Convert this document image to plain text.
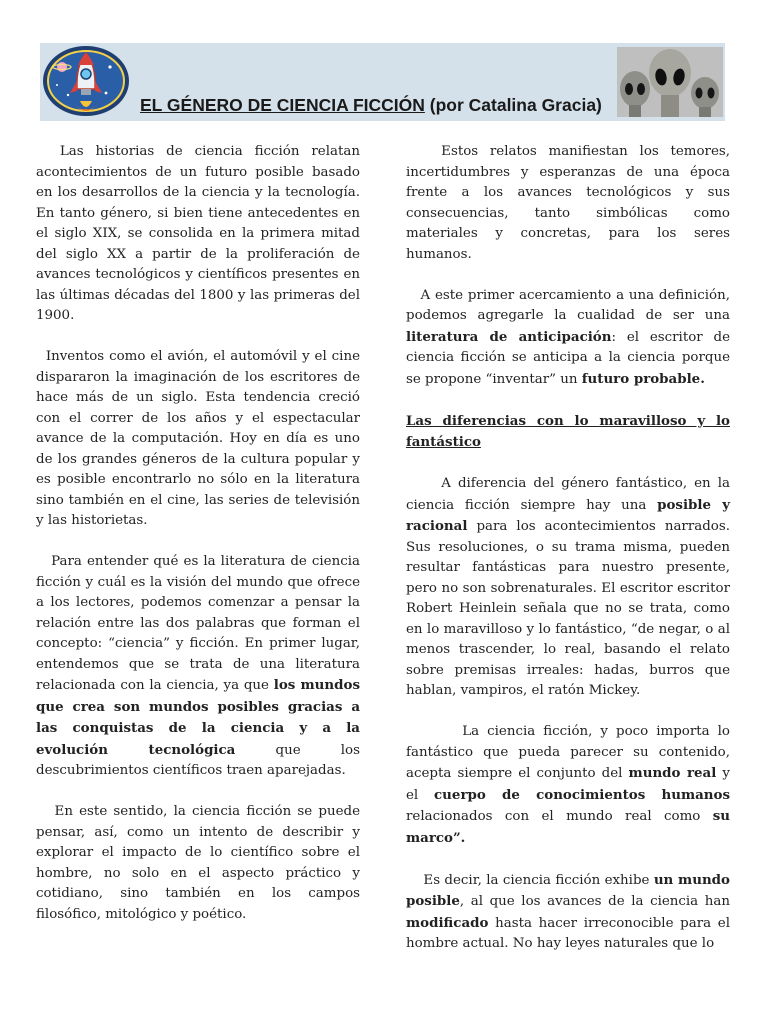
EL GÉNERO DE CIENCIA FICCIÓN (por Catalina Gracia)

Las historias de ciencia ficción relatan acontecimientos de un futuro posible basado en los desarrollos de la ciencia y la tecnología. En tanto género, si bien tiene antecedentes en el siglo XIX, se consolida en la primera mitad del siglo XX a partir de la proliferación de avances tecnológicos y científicos presentes en las últimas décadas del 1800 y las primeras del 1900.

Inventos como el avión, el automóvil y el cine dispararon la imaginación de los escritores de hace más de un siglo. Esta tendencia creció con el correr de los años y el espectacular avance de la computación. Hoy en día es uno de los grandes géneros de la cultura popular y es posible encontrarlo no sólo en la literatura sino también en el cine, las series de televisión y las historietas.

Para entender qué es la literatura de ciencia ficción y cuál es la visión del mundo que ofrece a los lectores, podemos comenzar a pensar la relación entre las dos palabras que forman el concepto: “ciencia” y ficción. En primer lugar, entendemos que se trata de una literatura relacionada con la ciencia, ya que los mundos que crea son mundos posibles gracias a las conquistas de la ciencia y a la evolución tecnológica que los descubrimientos científicos traen aparejadas.

En este sentido, la ciencia ficción se puede pensar, así, como un intento de describir y explorar el impacto de lo científico sobre el hombre, no solo en el aspecto práctico y cotidiano, sino también en los campos filosófico, mitológico y poético.

Estos relatos manifiestan los temores, incertidumbres y esperanzas de una época frente a los avances tecnológicos y sus consecuencias, tanto simbólicas como materiales y concretas, para los seres humanos.

A este primer acercamiento a una definición, podemos agregarle la cualidad de ser una literatura de anticipación: el escritor de ciencia ficción se anticipa a la ciencia porque se propone “inventar” un futuro probable.

Las diferencias con lo maravilloso y lo fantástico

A diferencia del género fantástico, en la ciencia ficción siempre hay una posible y racional para los acontecimientos narrados. Sus resoluciones, o su trama misma, pueden resultar fantásticas para nuestro presente, pero no son sobrenaturales. El escritor escritor Robert Heinlein señala que no se trata, como en lo maravilloso y lo fantástico, “de negar, o al menos trascender, lo real, basando el relato sobre premisas irreales: hadas, burros que hablan, vampiros, el ratón Mickey.

La ciencia ficción, y poco importa lo fantástico que pueda parecer su contenido, acepta siempre el conjunto del mundo real y el cuerpo de conocimientos humanos relacionados con el mundo real como su marco”.

Es decir, la ciencia ficción exhibe un mundo posible, al que los avances de la ciencia han modificado hasta hacer irreconocible para el hombre actual. No hay leyes naturales que lo
